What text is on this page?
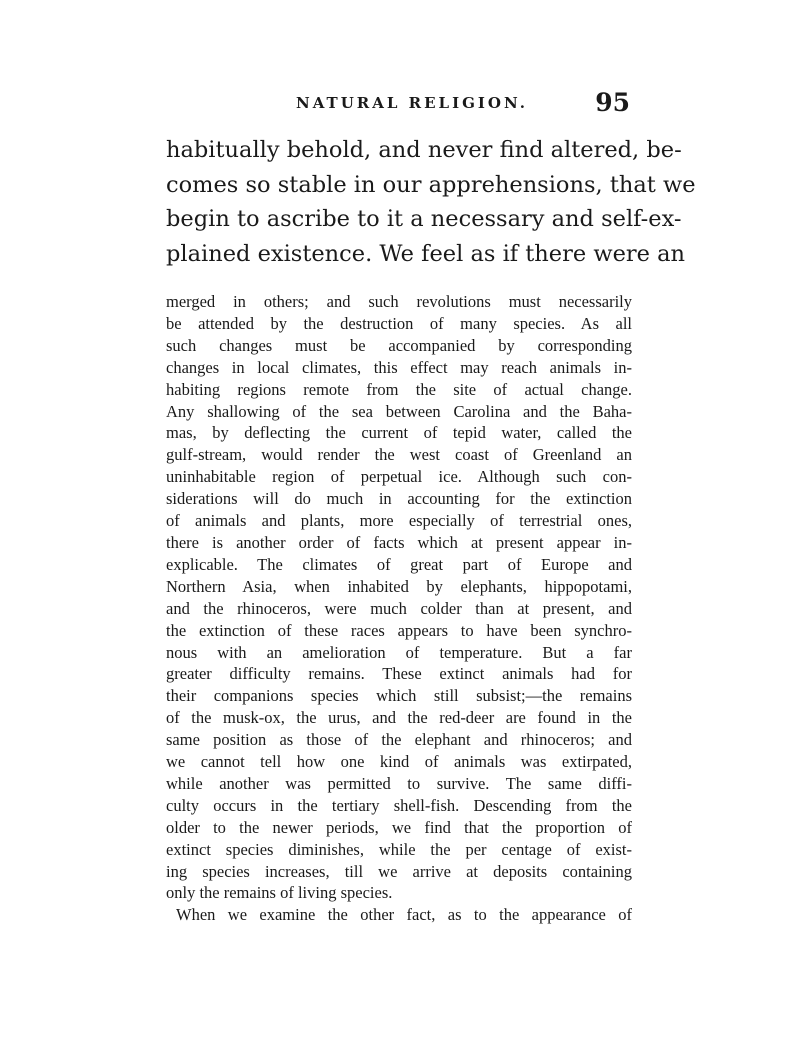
NATURAL RELIGION.	95
habitually behold, and never find altered, be-
comes so stable in our apprehensions, that we
begin to ascribe to it a necessary and self-ex-
plained existence. We feel as if there were an
merged in others; and such revolutions must necessarily
be attended by the destruction of many species. As all
such changes must be accompanied by corresponding
changes in local climates, this effect may reach animals in-
habiting regions remote from the site of actual change.
Any shallowing of the sea between Carolina and the Baha-
mas, by deflecting the current of tepid water, called the
gulf-stream, would render the west coast of Greenland an
uninhabitable region of perpetual ice. Although such con-
siderations will do much in accounting for the extinction
of animals and plants, more especially of terrestrial ones,
there is another order of facts which at present appear in-
explicable. The climates of great part of Europe and
Northern Asia, when inhabited by elephants, hippopotami,
and the rhinoceros, were much colder than at present, and
the extinction of these races appears to have been synchro-
nous with an amelioration of temperature. But a far
greater difficulty remains. These extinct animals had for
their companions species which still subsist;—the remains
of the musk-ox, the urus, and the red-deer are found in the
same position as those of the elephant and rhinoceros; and
we cannot tell how one kind of animals was extirpated,
while another was permitted to survive. The same diffi-
culty occurs in the tertiary shell-fish. Descending from the
older to the newer periods, we find that the proportion of
extinct species diminishes, while the per centage of exist-
ing species increases, till we arrive at deposits containing
only the remains of living species.
When we examine the other fact, as to the appearance of
